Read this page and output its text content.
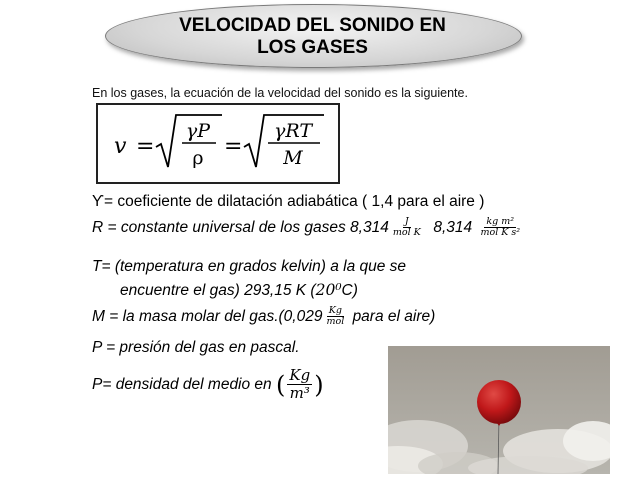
VELOCIDAD DEL SONIDO EN
LOS GASES
En los gases, la ecuación de la velocidad del sonido es la siguiente.
v =
γP
ρ =
γRT
M
Ƴ= coeficiente de dilatación adiabática ( 1,4 para el aire )
R = constante universal de los gases $8,314 \frac{J}{\text{mol K}} 8,314 \frac{\text{kg m²}}{\text{mol K s²}}$
T= (temperatura en grados kelvin) a la que se
encuentre el gas) 293,15 K (20⁰C)
M = la masa molar del $gas.(0,029 \frac{Kg}{\text{mol}}$ para el aire)
P = presión del gas en pascal.
P= densidad del medio en ( $\frac{Kg}{\text{m³}}$ )
